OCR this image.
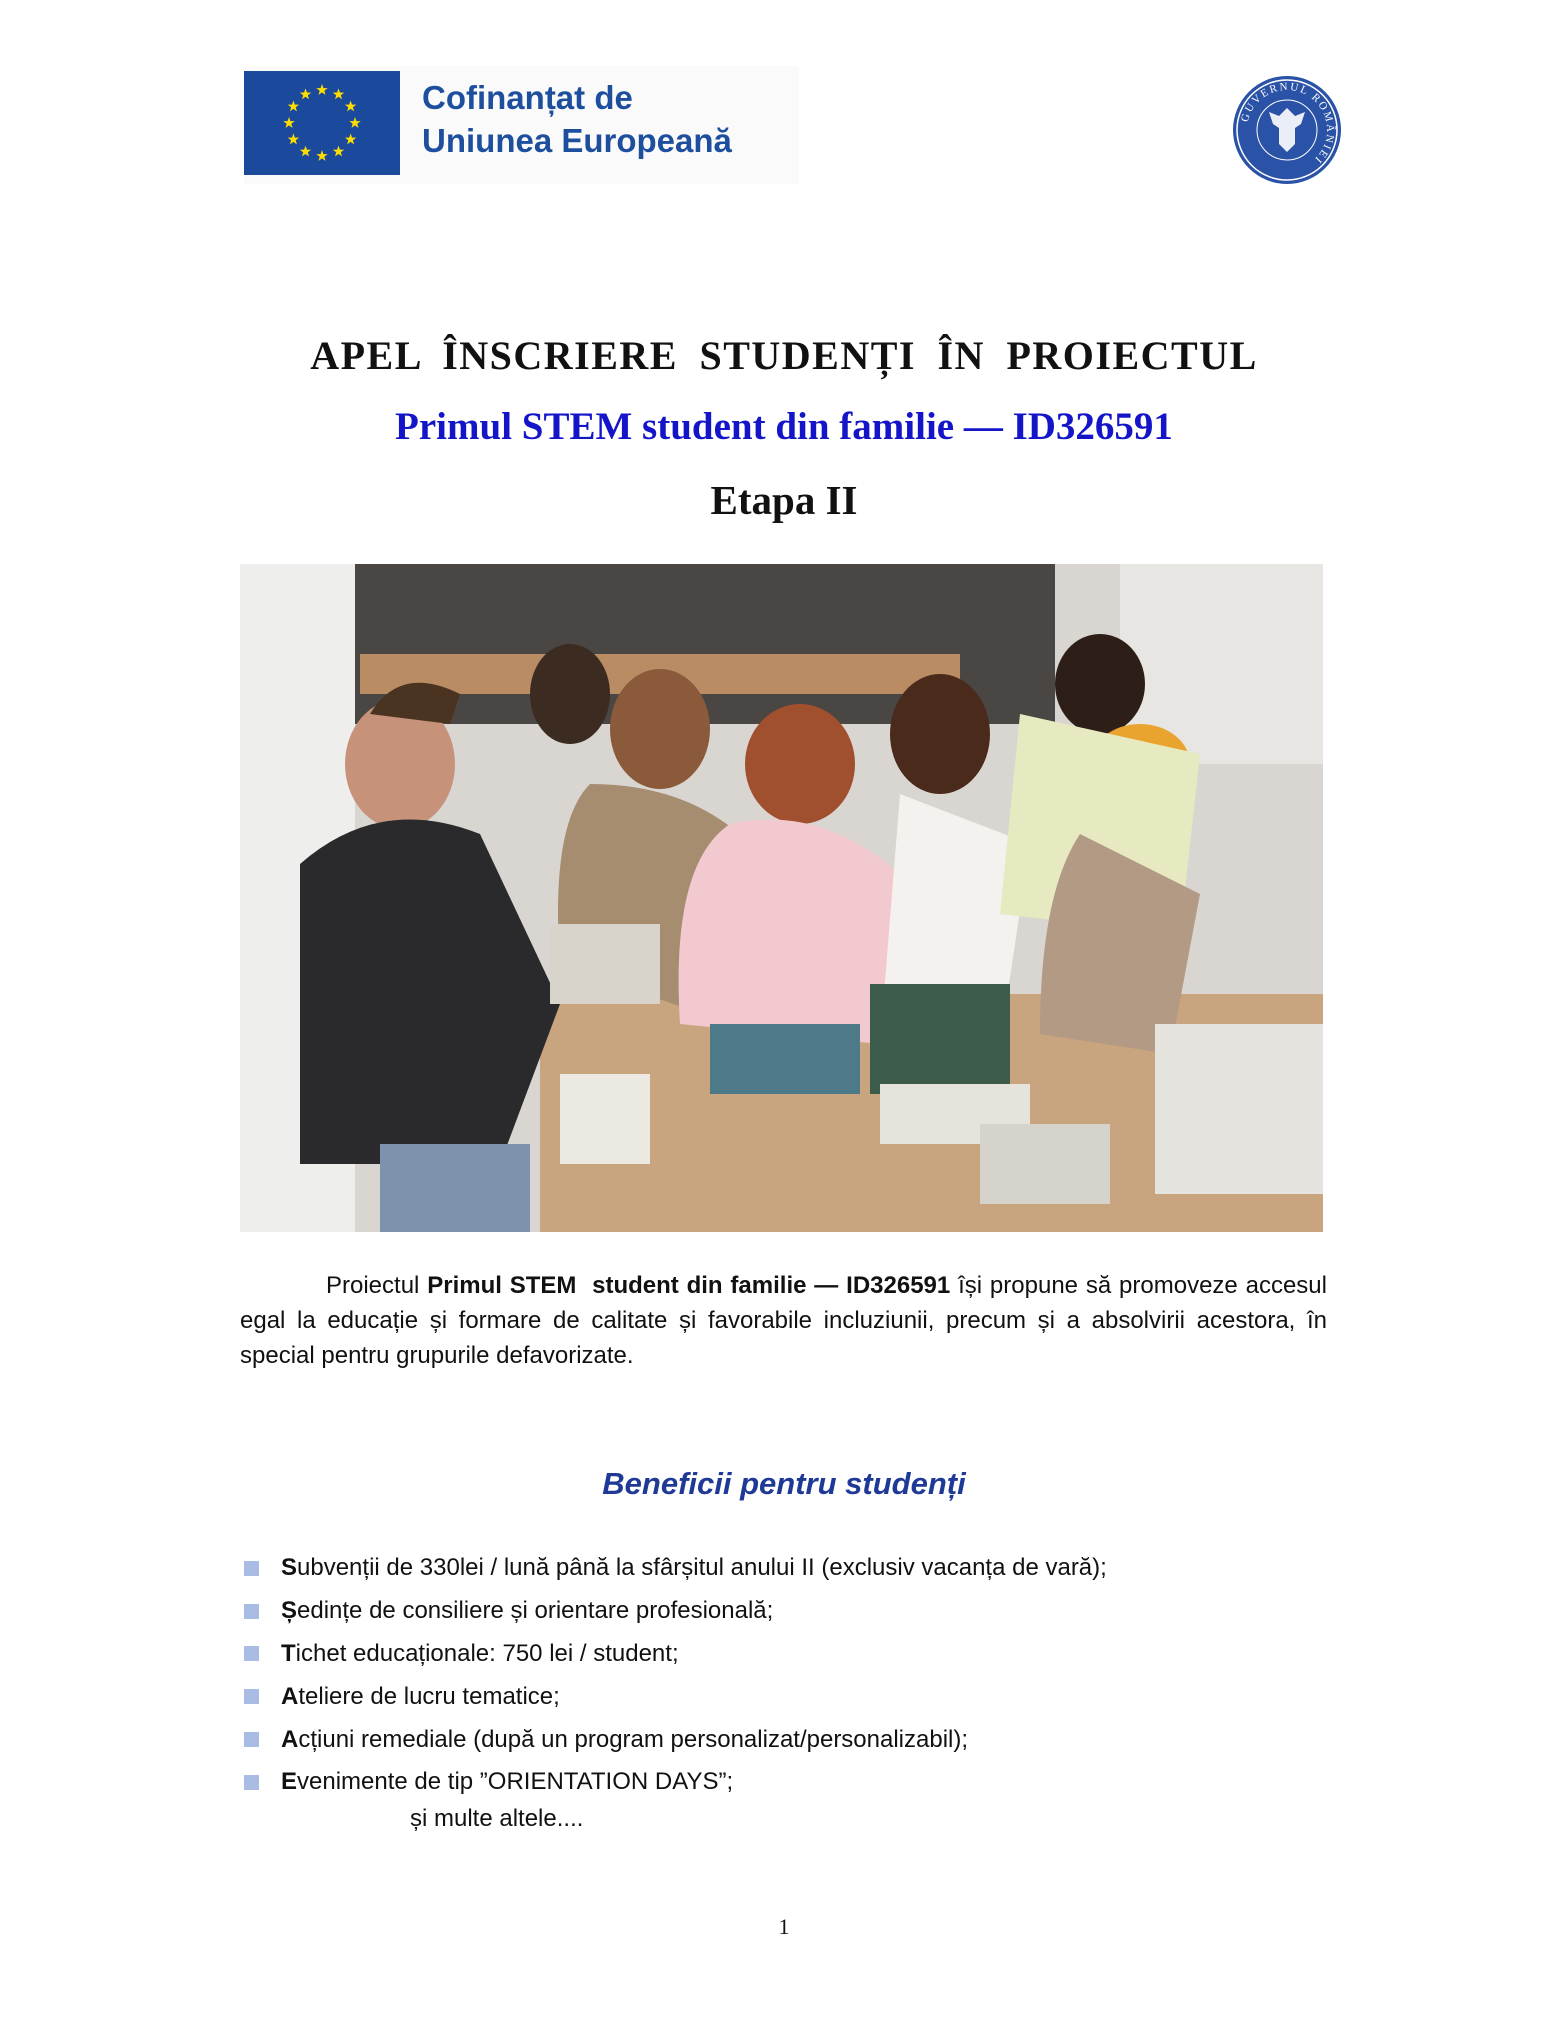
Cofinanțat de
Uniunea Europeană
GUVERNUL ROMÂNIEI
APEL ÎNSCRIERE STUDENȚI ÎN PROIECTUL
Primul STEM student din familie — ID326591
Etapa II
Proiectul Primul STEM  student din familie — ID326591 își propune să promoveze accesul egal la educație și formare de calitate și favorabile incluziunii, precum și a absolvirii acestora, în special pentru grupurile defavorizate.
Beneficii pentru studenți
S ubvenții de 330lei / lună până la sfârșitul anului II (exclusiv vacanța de vară);
Ș edințe de consiliere și orientare profesională;
T ichet educaționale: 750 lei / student;
A teliere de lucru tematice;
A cțiuni remediale (după un program personalizat/personalizabil);
E venimente de tip ”ORIENTATION DAYS”;
și multe altele....
1
